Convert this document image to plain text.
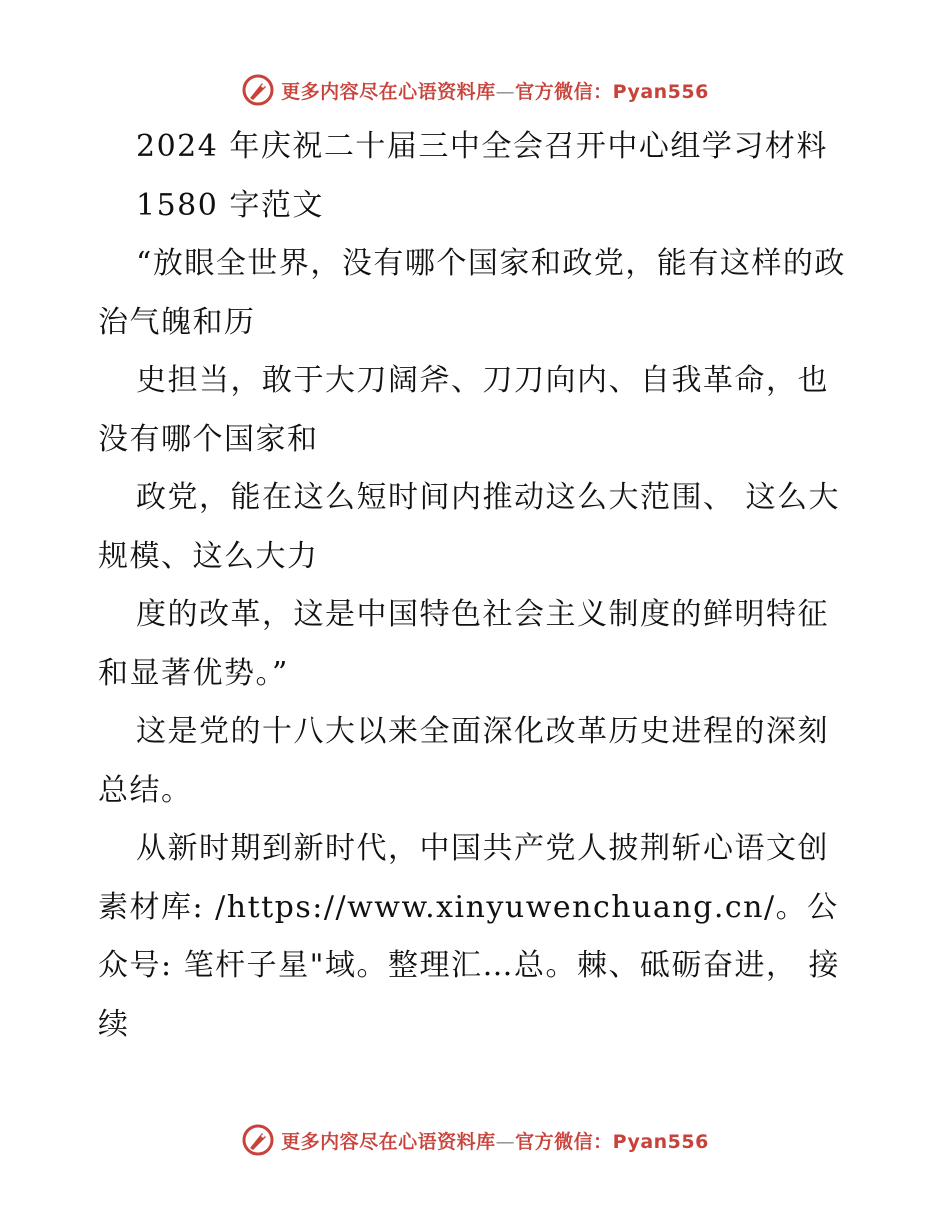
更多内容尽在心语资料库—官方微信：Pyan556

2024 年庆祝二十届三中全会召开中心组学习材料

1580 字范文

“放眼全世界，没有哪个国家和政党，能有这样的政治气魄和历

史担当，敢于大刀阔斧、刀刀向内、自我革命，也没有哪个国家和

政党，能在这么短时间内推动这么大范围、 这么大规模、这么大力

度的改革，这是中国特色社会主义制度的鲜明特征和显著优势。”

这是党的十八大以来全面深化改革历史进程的深刻总结。

从新时期到新时代，中国共产党人披荆斩心语文创素材库: /https://www.xinyuwenchuang.cn/。公众号: 笔杆子星"域。整理汇…总。棘、砥砺奋进， 接续

更多内容尽在心语资料库—官方微信：Pyan556
